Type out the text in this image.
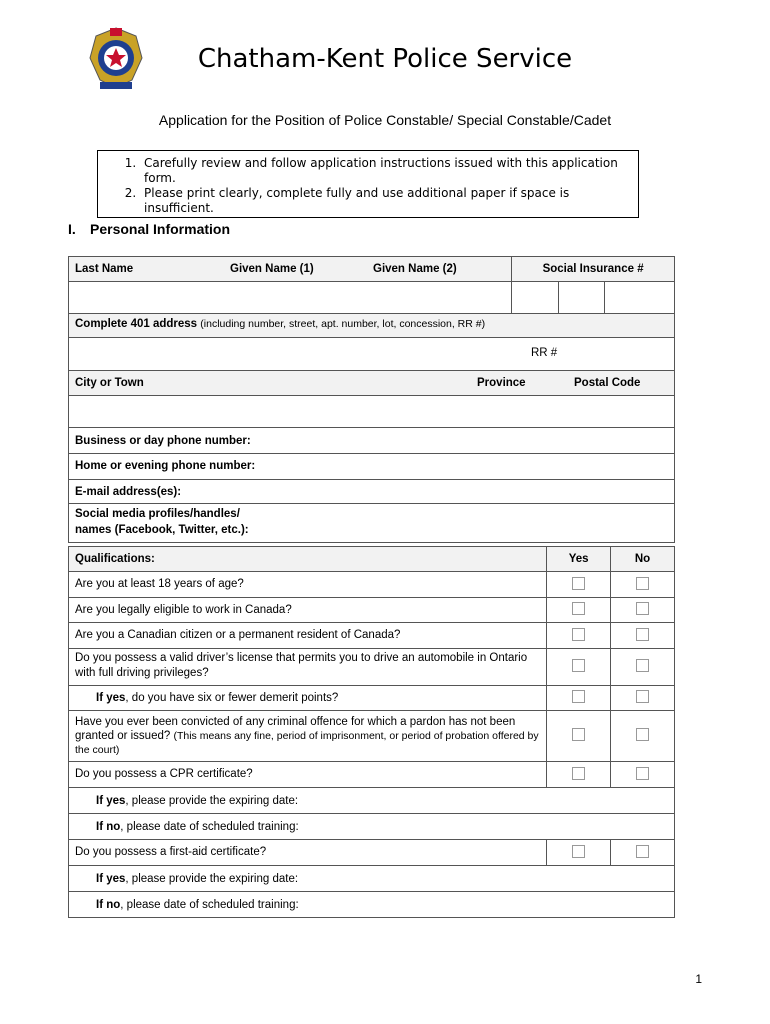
Chatham-Kent Police Service
Application for the Position of Police Constable/ Special Constable/Cadet
1. Carefully review and follow application instructions issued with this application form.
2. Please print clearly, complete fully and use additional paper if space is insufficient.
I. Personal Information
Last Name Given Name (1) Given Name (2)	Social Insurance #		

Complete 401 address (including number, street, apt. number, lot, concession, RR #)			

RR #			

City or Town Province Postal Code			

Business or day phone number:			
Home or evening phone number:			
E-mail address(es):			

Social media profiles/handles/
names (Facebook, Twitter, etc.):			
Qualifications:	Yes	No
Are you at least 18 years of age?		
Are you legally eligible to work in Canada?		
Are you a Canadian citizen or a permanent resident of Canada?		
Do you possess a valid driver’s license that permits you to drive an automobile in Ontario with full driving privileges?		
If yes, do you have six or fewer demerit points?		
Have you ever been convicted of any criminal offence for which a pardon has not been granted or issued? (This means any fine, period of imprisonment, or period of probation offered by the court)		
Do you possess a CPR certificate?		
If yes, please provide the expiring date:		
If no, please date of scheduled training:		
Do you possess a first-aid certificate?		
If yes, please provide the expiring date:		
If no, please date of scheduled training:		
1
